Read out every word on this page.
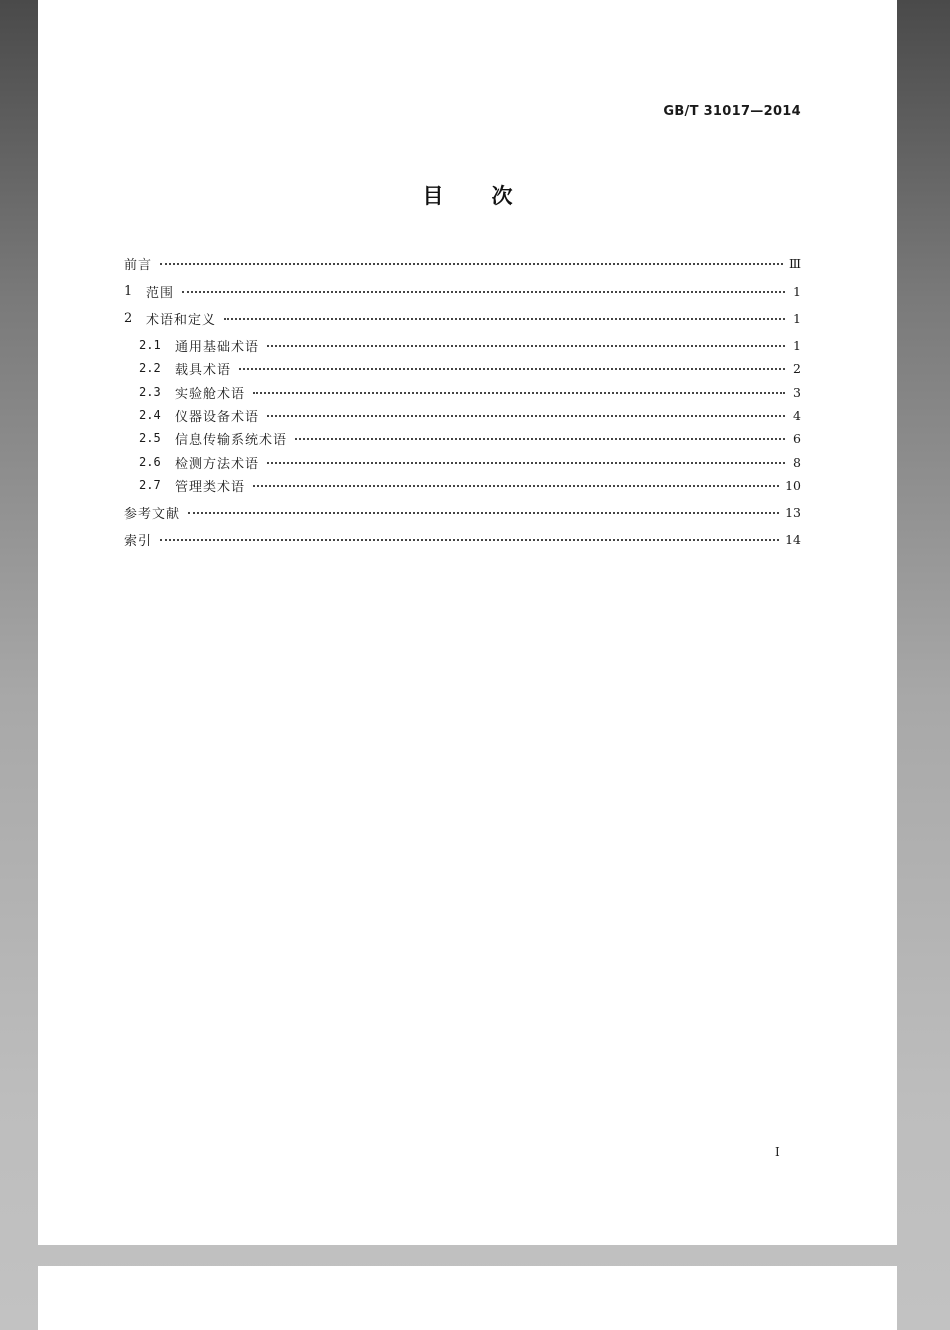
GB/T 31017—2014
目 次
前言	Ⅲ
1	范围	1
2	术语和定义	1
2.1	通用基础术语	1
2.2	载具术语	2
2.3	实验舱术语	3
2.4	仪器设备术语	4
2.5	信息传输系统术语	6
2.6	检测方法术语	8
2.7	管理类术语	10
参考文献	13
索引	14
I
